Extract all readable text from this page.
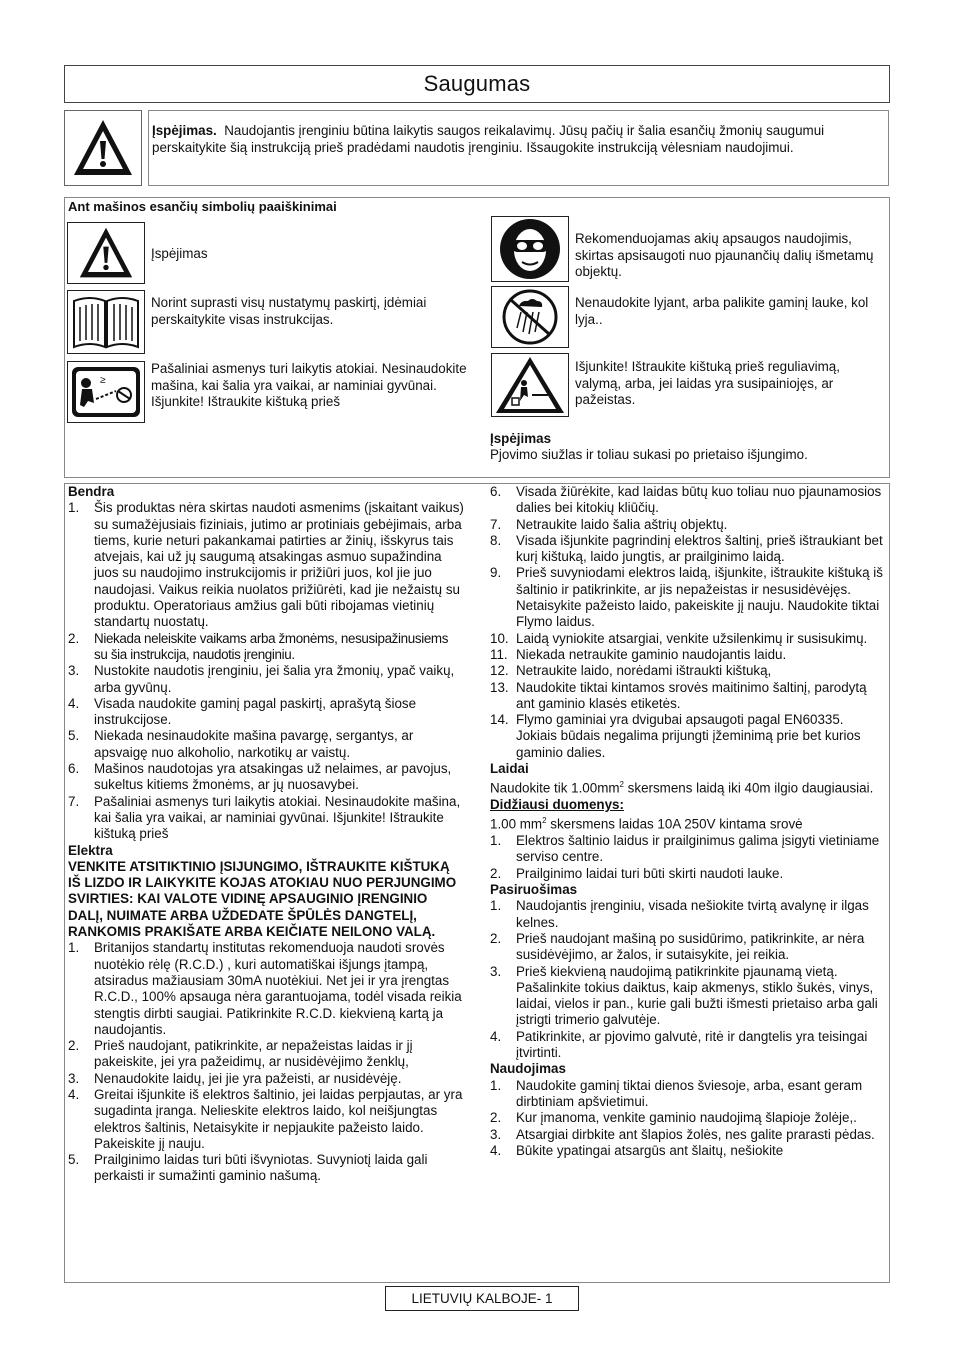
Saugumas
Įspėjimas. Naudojantis įrenginiu būtina laikytis saugos reikalavimų. Jūsų pačių ir šalia esančių žmonių saugumui perskaitykite šią instrukciją prieš pradėdami naudotis įrenginiu. Išsaugokite instrukciją vėlesniam naudojimui.
Ant mašinos esančių simbolių paaiškinimai
Įspėjimas
Norint suprasti visų nustatymų paskirtį, įdėmiai perskaitykite visas instrukcijas.
≥
Pašaliniai asmenys turi laikytis atokiai. Nesinaudokite mašina, kai šalia yra vaikai, ar naminiai gyvūnai. Išjunkite! Ištraukite kištuką prieš
Rekomenduojamas akių apsaugos naudojimis, skirtas apsisaugoti nuo pjaunančių dalių išmetamų objektų.
Nenaudokite lyjant, arba palikite gaminį lauke, kol lyja..
Išjunkite! Ištraukite kištuką prieš reguliavimą, valymą, arba, jei laidas yra susipainiojęs, ar pažeistas.
Įspėjimas
Pjovimo siužlas ir toliau sukasi po prietaiso išjungimo.
Bendra
1.	Šis produktas nėra skirtas naudoti asmenims (įskaitant vaikus) su sumažėjusiais fiziniais, jutimo ar protiniais gebėjimais, arba tiems, kurie neturi pakankamai patirties ar žinių, išskyrus tais atvejais, kai už jų saugumą atsakingas asmuo supažindina juos su naudojimo instrukcijomis ir prižiūri juos, kol jie juo naudojasi. Vaikus reikia nuolatos prižiūrėti, kad jie nežaistų su produktu. Operatoriaus amžius gali būti ribojamas vietinių standartų nuostatų.
2.	Niekada neleiskite vaikams arba žmonėms, nesusipažinusiems su šia instrukcija, naudotis įrenginiu.
3.	Nustokite naudotis įrenginiu, jei šalia yra žmonių, ypač vaikų, arba gyvūnų.
4.	Visada naudokite gaminį pagal paskirtį, aprašytą šiose instrukcijose.
5.	Niekada nesinaudokite mašina pavargę, sergantys, ar apsvaigę nuo alkoholio, narkotikų ar vaistų.
6.	Mašinos naudotojas yra atsakingas už nelaimes, ar pavojus, sukeltus kitiems žmonėms, ar jų nuosavybei.
7.	Pašaliniai asmenys turi laikytis atokiai. Nesinaudokite mašina, kai šalia yra vaikai, ar naminiai gyvūnai. Išjunkite! Ištraukite kištuką prieš
Elektra
VENKITE ATSITIKTINIO ĮSIJUNGIMO, IŠTRAUKITE KIŠTUKĄ IŠ LIZDO IR LAIKYKITE KOJAS ATOKIAU NUO PERJUNGIMO SVIRTIES: KAI VALOTE VIDINĘ APSAUGINIO ĮRENGINIO DALĮ, NUIMATE ARBA UŽDEDATE ŠPŪLĖS DANGTELĮ, RANKOMIS PRAKIŠATE ARBA KEIČIATE NEILONO VALĄ.
1.	Britanijos standartų institutas rekomenduoja naudoti srovės nuotėkio rėlę (R.C.D.) , kuri automatiškai išjungs įtampą, atsiradus mažiausiam 30mA nuotėkiui. Net jei ir yra įrengtas R.C.D., 100% apsauga nėra garantuojama, todėl visada reikia stengtis dirbti saugiai. Patikrinkite R.C.D. kiekvieną kartą ja naudojantis.
2.	Prieš naudojant, patikrinkite, ar nepažeistas laidas ir jį pakeiskite, jei yra pažeidimų, ar nusidėvėjimo ženklų,
3.	Nenaudokite laidų, jei jie yra pažeisti, ar nusidėvėję.
4.	Greitai išjunkite iš elektros šaltinio, jei laidas perpjautas, ar yra sugadinta įranga. Nelieskite elektros laido, kol neišjungtas elektros šaltinis, Netaisykite ir nepjaukite pažeisto laido. Pakeiskite jį nauju.
5.	Prailginimo laidas turi būti išvyniotas. Suvyniotį laida gali perkaisti ir sumažinti gaminio našumą.
6.	Visada žiūrėkite, kad laidas būtų kuo toliau nuo pjaunamosios dalies bei kitokių kliūčių.
7.	Netraukite laido šalia aštrių objektų.
8.	Visada išjunkite pagrindinį elektros šaltinį, prieš ištraukiant bet kurį kištuką, laido jungtis, ar prailginimo laidą.
9.	Prieš suvyniodami elektros laidą, išjunkite, ištraukite kištuką iš šaltinio ir patikrinkite, ar jis nepažeistas ir nesusidėvėjęs. Netaisykite pažeisto laido, pakeiskite jį nauju. Naudokite tiktai Flymo laidus.
10. Laidą vyniokite atsargiai, venkite užsilenkimų ir susisukimų.
11. Niekada netraukite gaminio naudojantis laidu.
12. Netraukite laido, norėdami ištraukti kištuką,
13. Naudokite tiktai kintamos srovės maitinimo šaltinį, parodytą ant gaminio klasės etiketės.
14. Flymo gaminiai yra dvigubai apsaugoti pagal EN60335. Jokiais būdais negalima prijungti įžeminimą prie bet kurios gaminio dalies.
Laidai
Naudokite tik $1.00mm^2$ skersmens laidą iki 40m ilgio daugiausiai.
Didžiausi duomenys:
1.00 $mm^2$ skersmens laidas 10A 250V kintama srovė
1.	Elektros šaltinio laidus ir prailginimus galima įsigyti vietiniame serviso centre.
2.	Prailginimo laidai turi būti skirti naudoti lauke.
Pasiruošimas
1.	Naudojantis įrenginiu, visada nešiokite tvirtą avalynę ir ilgas kelnes.
2.	Prieš naudojant mašiną po susidūrimo, patikrinkite, ar nėra susidėvėjimo, ar žalos, ir sutaisykite, jei reikia.
3.	Prieš kiekvieną naudojimą patikrinkite pjaunamą vietą. Pašalinkite tokius daiktus, kaip akmenys, stiklo šukės, vinys, laidai, vielos ir pan., kurie gali bužti išmesti prietaiso arba gali įstrigti trimerio galvutėje.
4.	Patikrinkite, ar pjovimo galvutė, ritė ir dangtelis yra teisingai įtvirtinti.
Naudojimas
1.	Naudokite gaminį tiktai dienos šviesoje, arba, esant geram dirbtiniam apšvietimui.
2.	Kur įmanoma, venkite gaminio naudojimą šlapioje žolėje,.
3.	Atsargiai dirbkite ant šlapios žolės, nes galite prarasti pėdas.
4.	Būkite ypatingai atsargūs ant šlaitų, nešiokite
LIETUVIŲ KALBOJE- 1
